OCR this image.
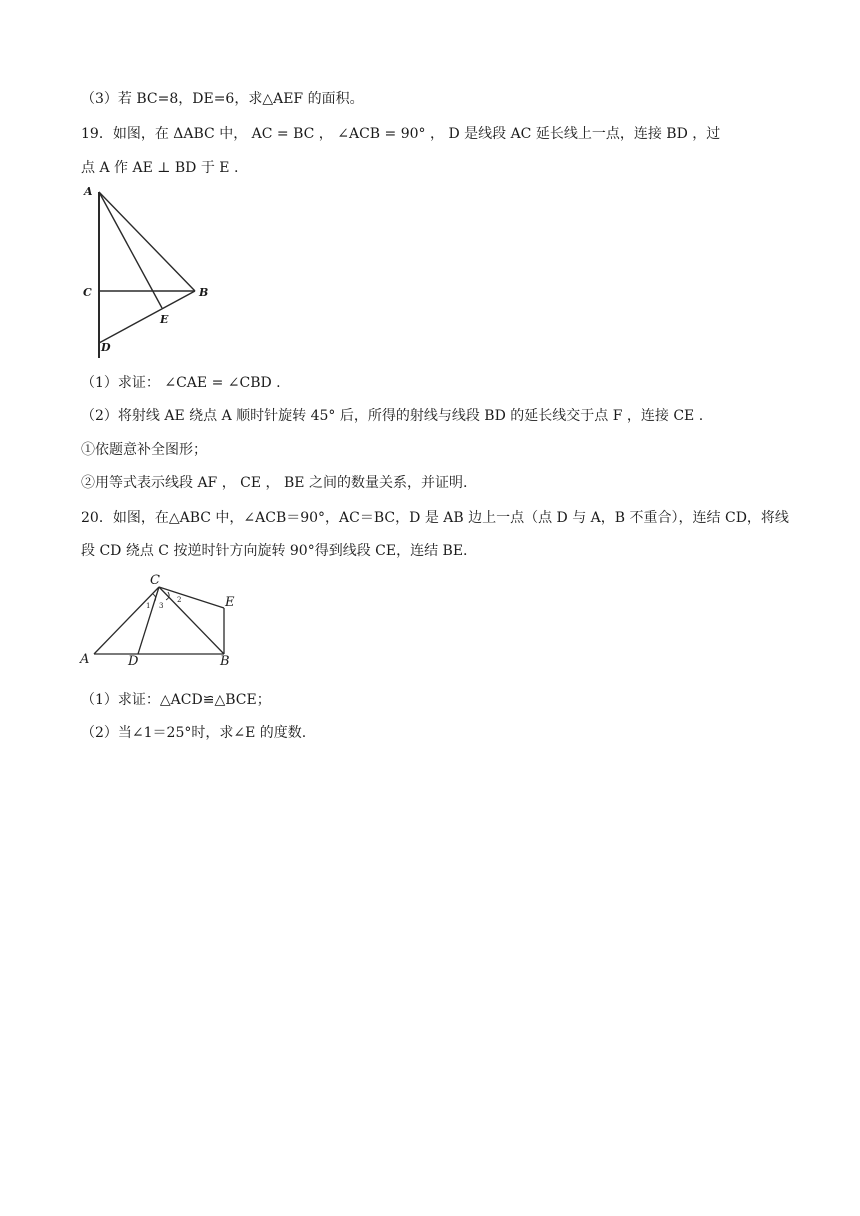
（3）若 BC=8，DE=6，求△AEF 的面积。
19．如图，在 ΔABC 中， AC = BC ， ∠ACB = 90° ， D 是线段 AC 延长线上一点，连接 BD ，过
点 A 作 AE ⊥ BD 于 E .
A
C	B
E
D
（1）求证： ∠CAE = ∠CBD .
（2）将射线 AE 绕点 A 顺时针旋转 45° 后，所得的射线与线段 BD 的延长线交于点 F ，连接 CE .
①依题意补全图形；
②用等式表示线段 AF ， CE ， BE 之间的数量关系，并证明.
20．如图，在△ABC 中，∠ACB＝90°，AC＝BC，D 是 AB 边上一点（点 D 与 A，B 不重合），连结 CD，将线
段 CD 绕点 C 按逆时针方向旋转 90°得到线段 CE，连结 BE.
C
E
A	D	B
1 3
2
（1）求证：△ACD≌△BCE；
（2）当∠1＝25°时，求∠E 的度数.
